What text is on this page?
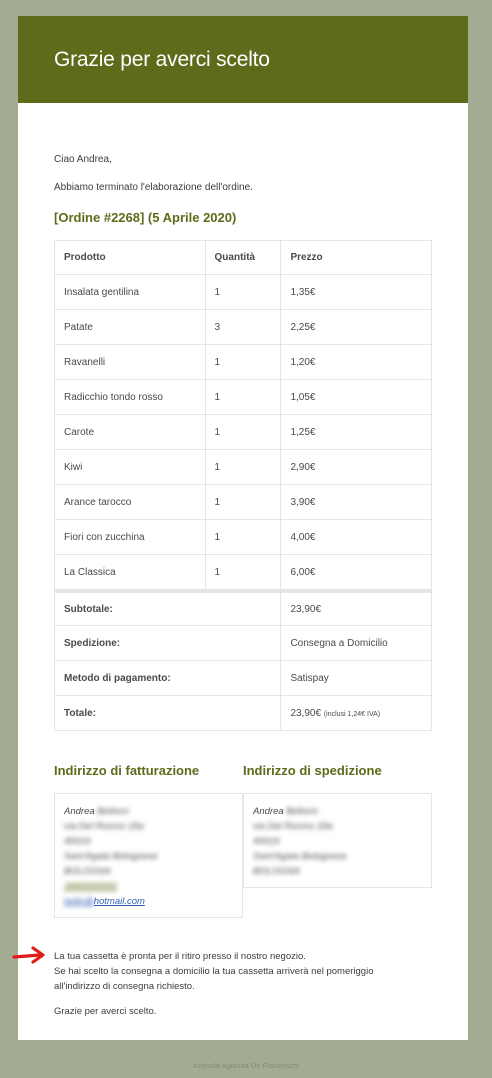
Grazie per averci scelto
Ciao Andrea,
Abbiamo terminato l'elaborazione dell'ordine.
[Ordine #2268] (5 Aprile 2020)
Prodotto	Quantità	Prezzo
Insalata gentilina	1	1,35€
Patate	3	2,25€
Ravanelli	1	1,20€
Radicchio tondo rosso	1	1,05€
Carote	1	1,25€
Kiwi	1	2,90€
Arance tarocco	1	3,90€
Fiori con zucchina	1	4,00€
La Classica	1	6,00€
Subtotale:		23,90€
Spedizione:		Consegna a Domicilio
Metodo di pagamento:		Satispay
Totale:		23,90€ (inclusi 1,24€ IVA)
Indirizzo di fatturazione	Indirizzo di spedizione
Andrea Bellomi
via Del Rocino 18a
40019
Sant'Agata Bolognese
BOLOGNA
3480000000
bello@hotmail.com
Andrea Bellomi
via Del Rocino 18a
40019
Sant'Agata Bolognese
BOLOGNA
La tua cassetta è pronta per il ritiro presso il nostro negozio.
Se hai scelto la consegna a domicilio la tua cassetta arriverà nel pomeriggio
all'indirizzo di consegna richiesto.
Grazie per averci scelto.
Azienda Agricola De Franceschi
